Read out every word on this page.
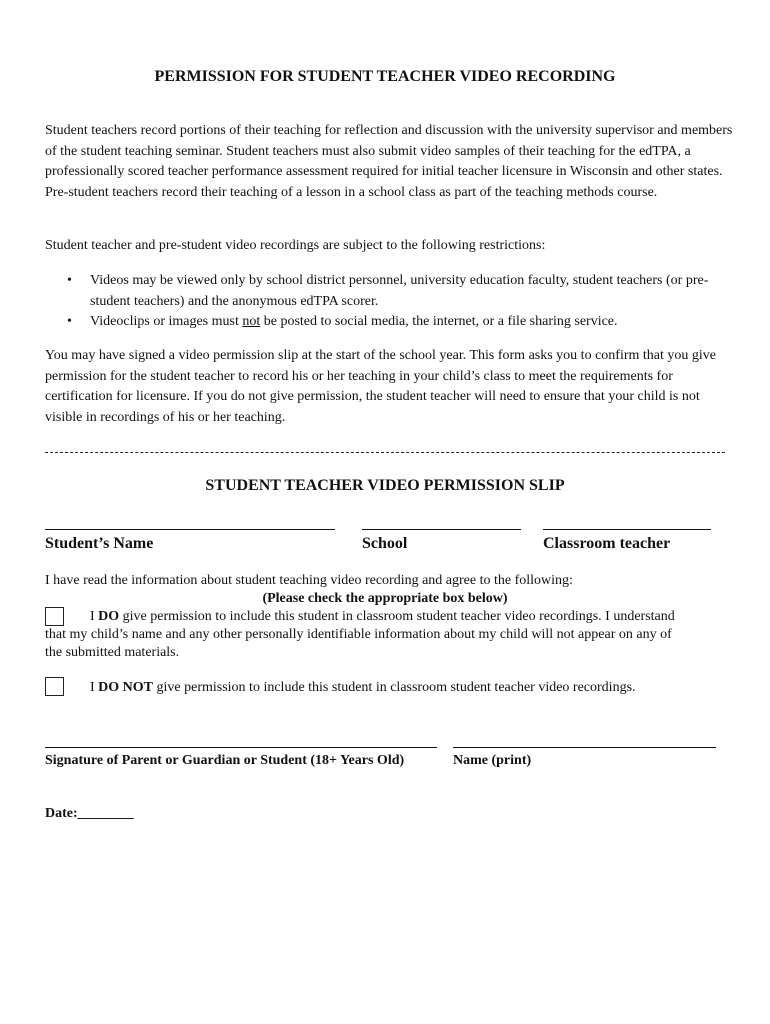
PERMISSION FOR STUDENT TEACHER VIDEO RECORDING

Student teachers record portions of their teaching for reflection and discussion with the university supervisor and members of the student teaching seminar. Student teachers must also submit video samples of their teaching for the edTPA, a professionally scored teacher performance assessment required for initial teacher licensure in Wisconsin and other states. Pre-student teachers record their teaching of a lesson in a school class as part of the teaching methods course.

Student teacher and pre-student video recordings are subject to the following restrictions:

• Videos may be viewed only by school district personnel, university education faculty, student teachers (or pre-student teachers) and the anonymous edTPA scorer.
• Videoclips or images must not be posted to social media, the internet, or a file sharing service.

You may have signed a video permission slip at the start of the school year. This form asks you to confirm that you give permission for the student teacher to record his or her teaching in your child’s class to meet the requirements for certification for licensure. If you do not give permission, the student teacher will need to ensure that your child is not visible in recordings of his or her teaching.

STUDENT TEACHER VIDEO PERMISSION SLIP
Student’s Name	School	Classroom teacher
I have read the information about student teaching video recording and agree to the following:
(Please check the appropriate box below)
I DO give permission to include this student in classroom student teacher video recordings. I understand
that my child’s name and any other personally identifiable information about my child will not appear on any of
the submitted materials.
I DO NOT give permission to include this student in classroom student teacher video recordings.
Signature of Parent or Guardian or Student (18+ Years Old)	Name (print)
Date:________
